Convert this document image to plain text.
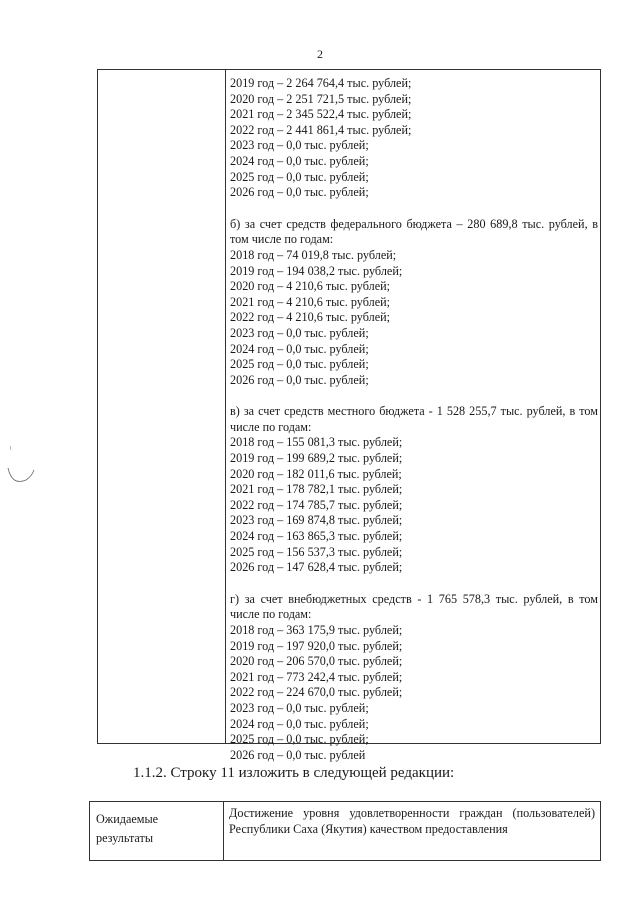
2
2019 год – 2 264 764,4 тыс. рублей;
2020 год – 2 251 721,5 тыс. рублей;
2021 год – 2 345 522,4 тыс. рублей;
2022 год – 2 441 861,4 тыс. рублей;
2023 год – 0,0 тыс. рублей;
2024 год – 0,0 тыс. рублей;
2025 год – 0,0 тыс. рублей;
2026 год – 0,0 тыс. рублей;
б) за счет средств федерального бюджета – 280 689,8 тыс. рублей, в том числе по годам:
2018 год – 74 019,8 тыс. рублей;
2019 год – 194 038,2 тыс. рублей;
2020 год – 4 210,6 тыс. рублей;
2021 год – 4 210,6 тыс. рублей;
2022 год – 4 210,6 тыс. рублей;
2023 год – 0,0 тыс. рублей;
2024 год – 0,0 тыс. рублей;
2025 год – 0,0 тыс. рублей;
2026 год – 0,0 тыс. рублей;
в) за счет средств местного бюджета - 1 528 255,7 тыс. рублей, в том числе по годам:
2018 год – 155 081,3 тыс. рублей;
2019 год – 199 689,2 тыс. рублей;
2020 год – 182 011,6 тыс. рублей;
2021 год – 178 782,1 тыс. рублей;
2022 год – 174 785,7 тыс. рублей;
2023 год – 169 874,8 тыс. рублей;
2024 год – 163 865,3 тыс. рублей;
2025 год – 156 537,3 тыс. рублей;
2026 год – 147 628,4 тыс. рублей;
г) за счет внебюджетных средств - 1 765 578,3 тыс. рублей, в том числе по годам:
2018 год – 363 175,9 тыс. рублей;
2019 год – 197 920,0 тыс. рублей;
2020 год – 206 570,0 тыс. рублей;
2021 год – 773 242,4 тыс. рублей;
2022 год – 224 670,0 тыс. рублей;
2023 год – 0,0 тыс. рублей;
2024 год – 0,0 тыс. рублей;
2025 год – 0,0 тыс. рублей;
2026 год – 0,0 тыс. рублей
1.1.2. Строку 11 изложить в следующей редакции:
Ожидаемые
результаты
Достижение уровня удовлетворенности граждан (пользователей) Республики Саха (Якутия) качеством предоставления
